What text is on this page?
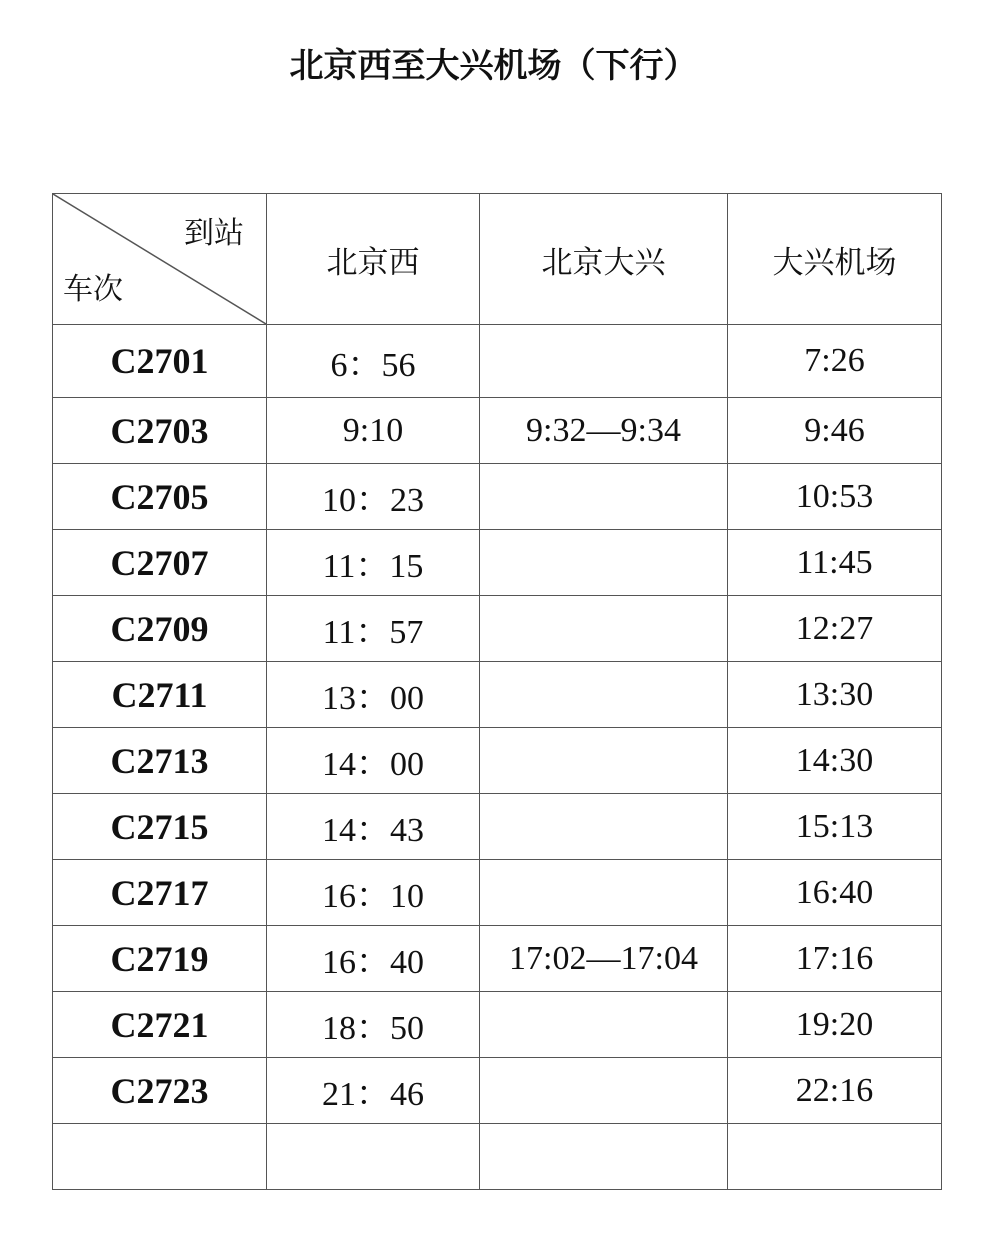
北京西至大兴机场（下行）
到站
车次	北京西	北京大兴	大兴机场
C2701	6：56		7:26
C2703	9:10	9:32—9:34	9:46
C2705	10：23		10:53
C2707	11：15		11:45
C2709	11：57		12:27
C2711	13：00		13:30
C2713	14：00		14:30
C2715	14：43		15:13
C2717	16：10		16:40
C2719	16：40	17:02—17:04	17:16
C2721	18：50		19:20
C2723	21：46		22:16
